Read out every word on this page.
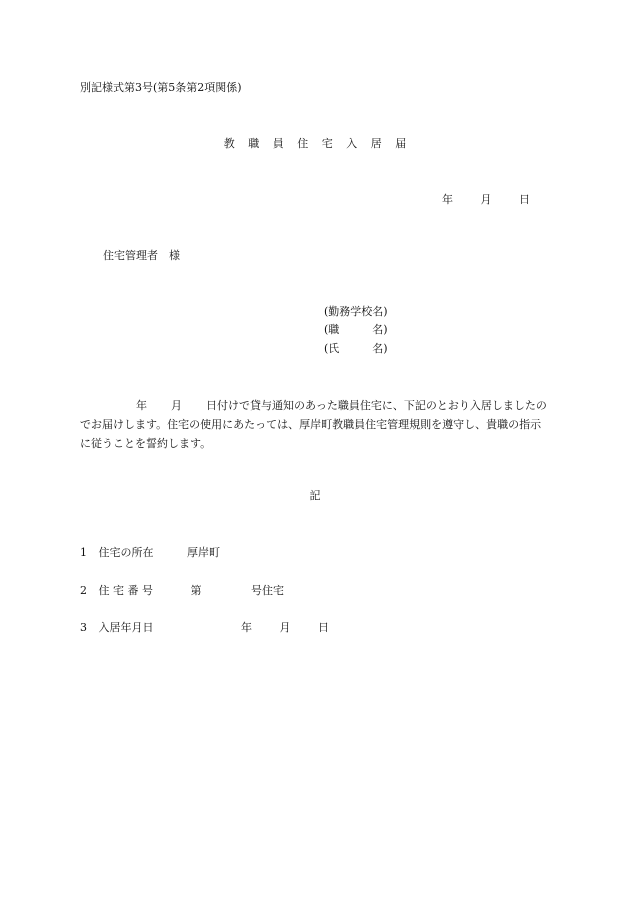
別記様式第3号(第5条第2項関係)
教 職 員 住 宅 入 居 届
年	月	日
住宅管理者　様
(勤務学校名)
(職　　　名)
(氏　　　名)
年 月 日付けで貸与通知のあった職員住宅に、下記のとおり入居しましたのでお届けします。住宅の使用にあたっては、厚岸町教職員住宅管理規則を遵守し、貴職の指示に従うことを誓約します。
記
1 住宅の所在	厚岸町
2 住 宅 番 号	第	号住宅
3 入居年月日	年	月	日
